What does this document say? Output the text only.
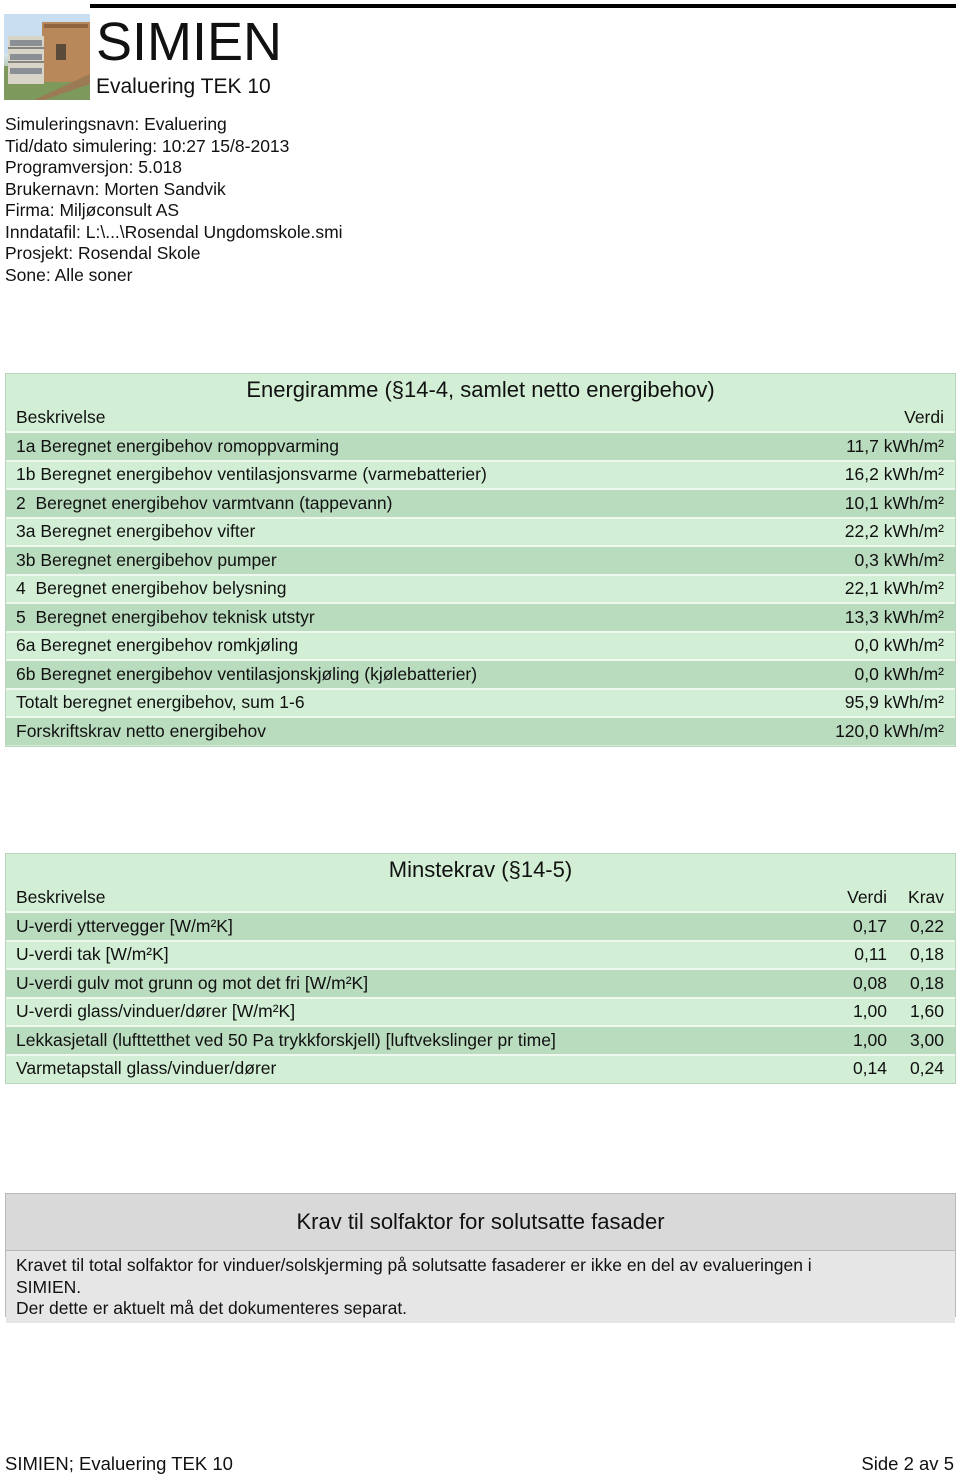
SIMIEN
Evaluering TEK 10
Simuleringsnavn: Evaluering
Tid/dato simulering: 10:27 15/8-2013
Programversjon: 5.018
Brukernavn: Morten Sandvik
Firma: Miljøconsult AS
Inndatafil: L:\...\Rosendal Ungdomskole.smi
Prosjekt: Rosendal Skole
Sone: Alle soner
Energiramme (§14-4, samlet netto energibehov)
Beskrivelse	Verdi
1a Beregnet energibehov romoppvarming	11,7 kWh/m²
1b Beregnet energibehov ventilasjonsvarme (varmebatterier)	16,2 kWh/m²
2  Beregnet energibehov varmtvann (tappevann)	10,1 kWh/m²
3a Beregnet energibehov vifter	22,2 kWh/m²
3b Beregnet energibehov pumper	0,3 kWh/m²
4  Beregnet energibehov belysning	22,1 kWh/m²
5  Beregnet energibehov teknisk utstyr	13,3 kWh/m²
6a Beregnet energibehov romkjøling	0,0 kWh/m²
6b Beregnet energibehov ventilasjonskjøling (kjølebatterier)	0,0 kWh/m²
Totalt beregnet energibehov, sum 1-6	95,9 kWh/m²
Forskriftskrav netto energibehov	120,0 kWh/m²
Minstekrav (§14-5)
Beskrivelse	Verdi	Krav
U-verdi yttervegger [W/m²K]	0,17	0,22
U-verdi tak [W/m²K]	0,11	0,18
U-verdi gulv mot grunn og mot det fri [W/m²K]	0,08	0,18
U-verdi glass/vinduer/dører [W/m²K]	1,00	1,60
Lekkasjetall (lufttetthet ved 50 Pa trykkforskjell) [luftvekslinger pr time]	1,00	3,00
Varmetapstall glass/vinduer/dører	0,14	0,24
Krav til solfaktor for solutsatte fasader
Kravet til total solfaktor for vinduer/solskjerming på solutsatte fasaderer er ikke en del av evalueringen i
SIMIEN.
Der dette er aktuelt må det dokumenteres separat.
SIMIEN; Evaluering TEK 10	Side 2 av 5
